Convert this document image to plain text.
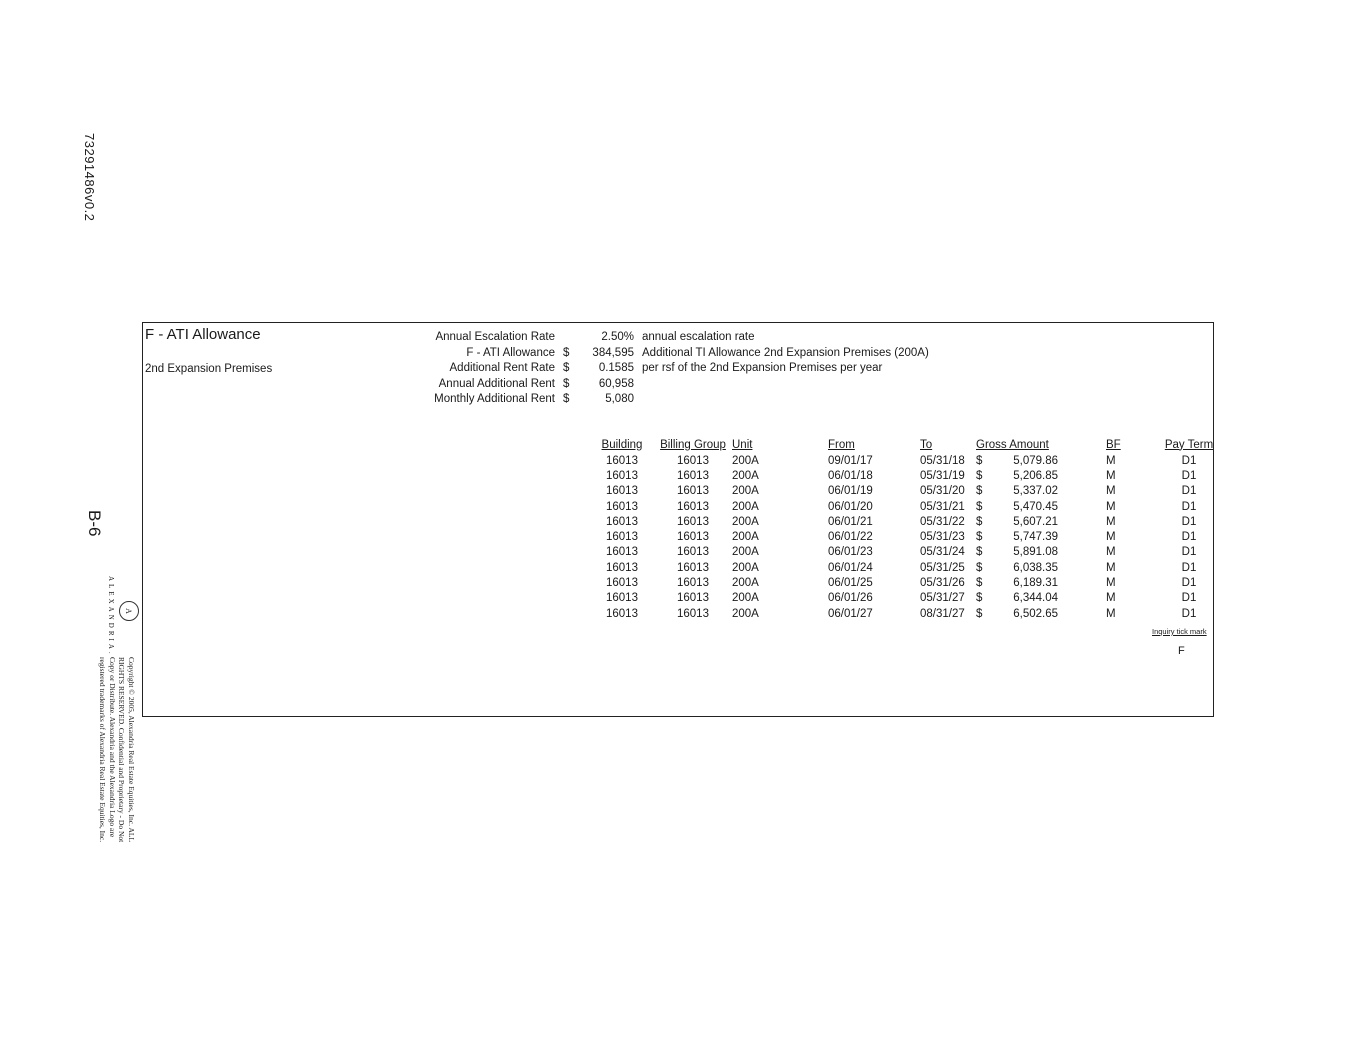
73291486v0.2
B-6
ALEXANDRIA.	A
Copyright © 2005, Alexandria Real Estate Equities, Inc. ALL
RIGHTS RESERVED. Confidential and Proprietary - Do Not
Copy or Distribute. Alexandria and the Alexandria Logo are
registered trademarks of Alexandria Real Estate Equities, Inc.
F - ATI Allowance
2nd Expansion Premises
Annual Escalation Rate	2.50% annual escalation rate
F - ATI Allowance $ 384,595 Additional TI Allowance 2nd Expansion Premises (200A)
Additional Rent Rate $	0.1585 per rsf of the 2nd Expansion Premises per year
Annual Additional Rent $	60,958
Monthly Additional Rent $	5,080
Building	Billing Group	Unit	From	To	Gross Amount			BF	Pay Term
16013	16013	200A	09/01/17	05/31/18	$	5,079.86		M	D1
16013	16013	200A	06/01/18	05/31/19	$	5,206.85		M	D1
16013	16013	200A	06/01/19	05/31/20	$	5,337.02		M	D1
16013	16013	200A	06/01/20	05/31/21	$	5,470.45		M	D1
16013	16013	200A	06/01/21	05/31/22	$	5,607.21		M	D1
16013	16013	200A	06/01/22	05/31/23	$	5,747.39		M	D1
16013	16013	200A	06/01/23	05/31/24	$	5,891.08		M	D1
16013	16013	200A	06/01/24	05/31/25	$	6,038.35		M	D1
16013	16013	200A	06/01/25	05/31/26	$	6,189.31		M	D1
16013	16013	200A	06/01/26	05/31/27	$	6,344.04		M	D1
16013	16013	200A	06/01/27	08/31/27	$	6,502.65		M	D1
Inquiry tick mark
F
